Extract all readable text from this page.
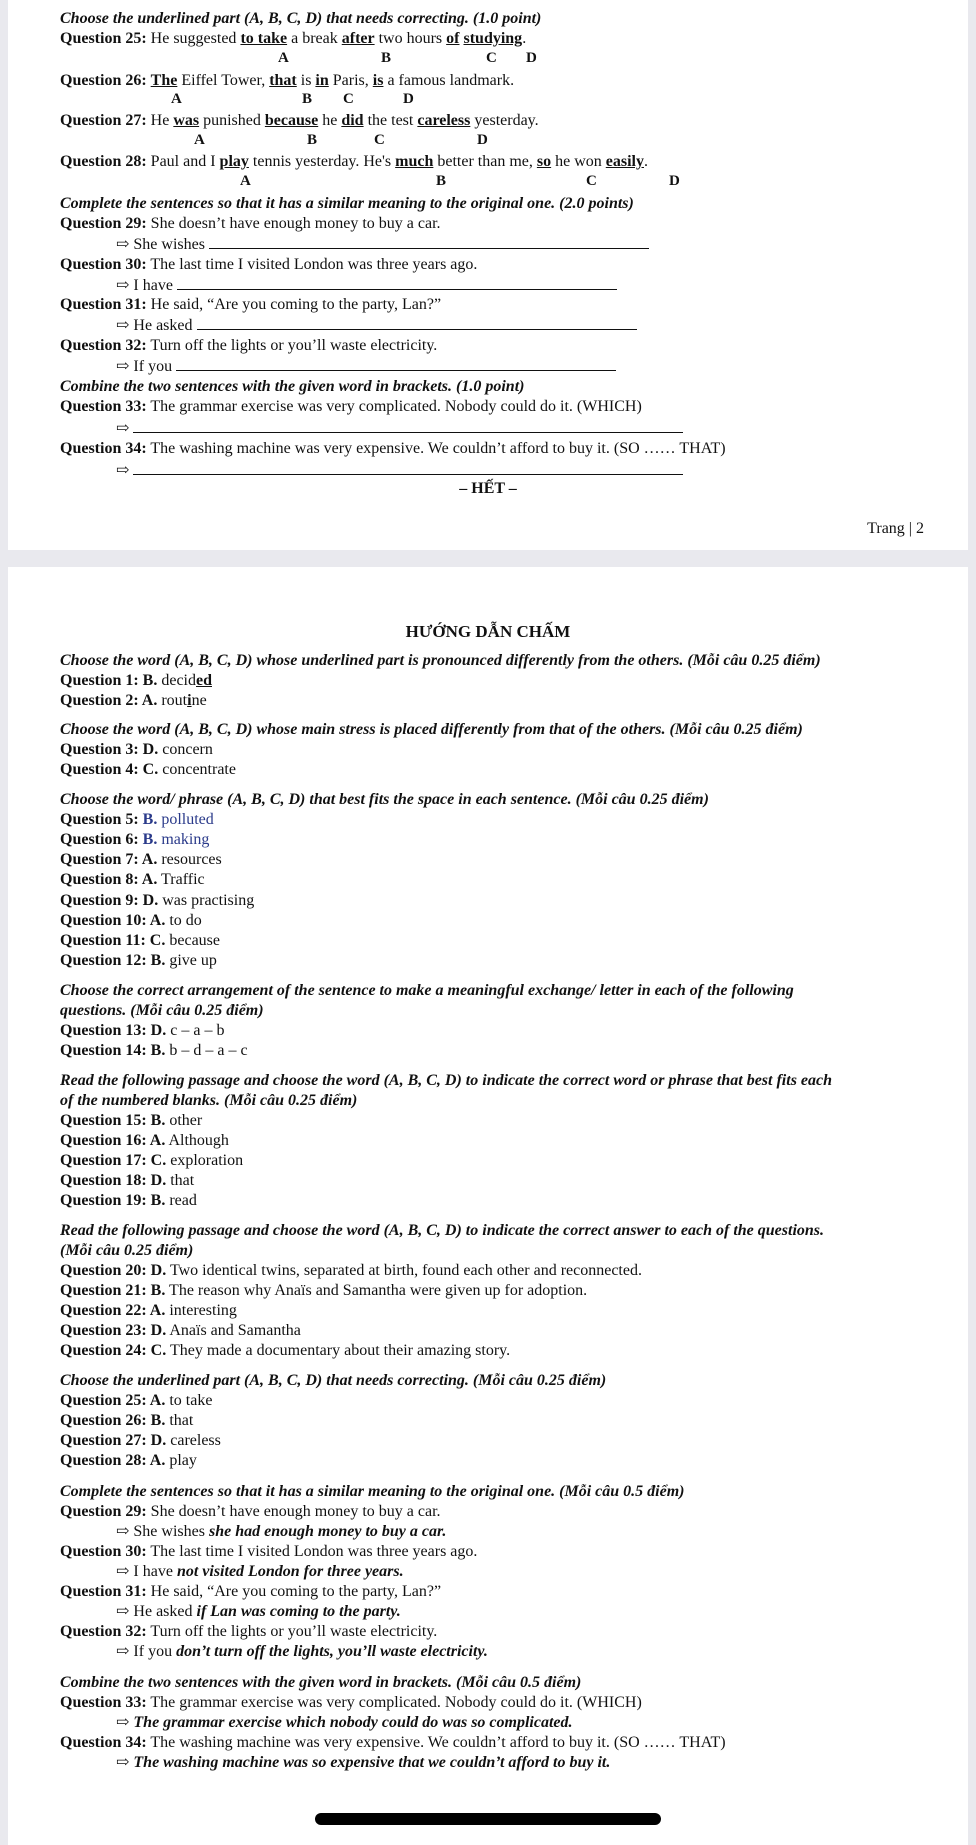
Choose the underlined part (A, B, C, D) that needs correcting. (1.0 point)
Question 25: He suggested to take a break after two hours of studying.
A	B	C D
Question 26: The Eiffel Tower, that is in Paris, is a famous landmark.
A	B C	D
Question 27: He was punished because he did the test careless yesterday.
A	B	C	D
Question 28: Paul and I play tennis yesterday. He's much better than me, so he won easily.
A	B	C	D
Complete the sentences so that it has a similar meaning to the original one. (2.0 points)
Question 29: She doesn’t have enough money to buy a car.
⇨ She wishes
Question 30: The last time I visited London was three years ago.
⇨ I have
Question 31: He said, “Are you coming to the party, Lan?”
⇨ He asked
Question 32: Turn off the lights or you’ll waste electricity.
⇨ If you
Combine the two sentences with the given word in brackets. (1.0 point)
Question 33: The grammar exercise was very complicated. Nobody could do it. (WHICH)
⇨
Question 34: The washing machine was very expensive. We couldn’t afford to buy it. (SO …… THAT)
⇨
– HẾT –
Trang | 2
HƯỚNG DẪN CHẤM
Choose the word (A, B, C, D) whose underlined part is pronounced differently from the others. (Mỗi câu 0.25 điểm)
Question 1: B. decided
Question 2: A. routine
Choose the word (A, B, C, D) whose main stress is placed differently from that of the others. (Mỗi câu 0.25 điểm)
Question 3: D. concern
Question 4: C. concentrate
Choose the word/ phrase (A, B, C, D) that best fits the space in each sentence. (Mỗi câu 0.25 điểm)
Question 5: B. polluted
Question 6: B. making
Question 7: A. resources
Question 8: A. Traffic
Question 9: D. was practising
Question 10: A. to do
Question 11: C. because
Question 12: B. give up
Choose the correct arrangement of the sentence to make a meaningful exchange/ letter in each of the following
questions. (Mỗi câu 0.25 điểm)
Question 13: D. c – a – b
Question 14: B. b – d – a – c
Read the following passage and choose the word (A, B, C, D) to indicate the correct word or phrase that best fits each
of the numbered blanks. (Mỗi câu 0.25 điểm)
Question 15: B. other
Question 16: A. Although
Question 17: C. exploration
Question 18: D. that
Question 19: B. read
Read the following passage and choose the word (A, B, C, D) to indicate the correct answer to each of the questions.
(Mỗi câu 0.25 điểm)
Question 20: D. Two identical twins, separated at birth, found each other and reconnected.
Question 21: B. The reason why Anaïs and Samantha were given up for adoption.
Question 22: A. interesting
Question 23: D. Anaïs and Samantha
Question 24: C. They made a documentary about their amazing story.
Choose the underlined part (A, B, C, D) that needs correcting. (Mỗi câu 0.25 điểm)
Question 25: A. to take
Question 26: B. that
Question 27: D. careless
Question 28: A. play
Complete the sentences so that it has a similar meaning to the original one. (Mỗi câu 0.5 điểm)
Question 29: She doesn’t have enough money to buy a car.
⇨ She wishes she had enough money to buy a car.
Question 30: The last time I visited London was three years ago.
⇨ I have not visited London for three years.
Question 31: He said, “Are you coming to the party, Lan?”
⇨ He asked if Lan was coming to the party.
Question 32: Turn off the lights or you’ll waste electricity.
⇨ If you don’t turn off the lights, you’ll waste electricity.
Combine the two sentences with the given word in brackets. (Mỗi câu 0.5 điểm)
Question 33: The grammar exercise was very complicated. Nobody could do it. (WHICH)
⇨ The grammar exercise which nobody could do was so complicated.
Question 34: The washing machine was very expensive. We couldn’t afford to buy it. (SO …… THAT)
⇨ The washing machine was so expensive that we couldn’t afford to buy it.
